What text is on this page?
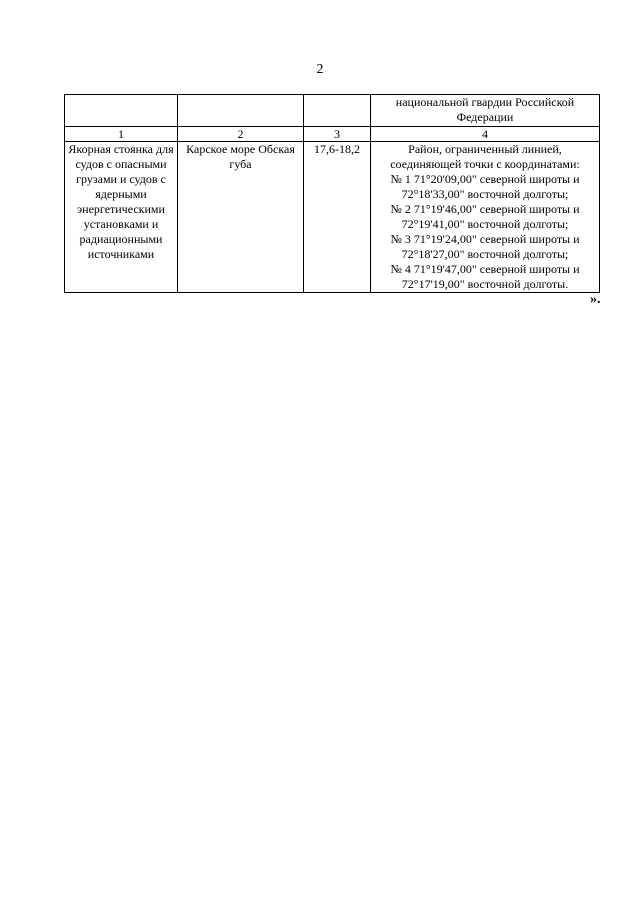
2
			национальной гвардии Российской Федерации
1	2	3	4
Якорная стоянка для судов с опасными грузами и судов с ядерными энергетическими установками и радиационными источниками	Карское море Обская губа	17,6-18,2	Район, ограниченный линией, соединяющей точки с координатами:
№ 1 71°20'09,00" северной широты и 72°18'33,00" восточной долготы;
№ 2 71°19'46,00" северной широты и 72°19'41,00" восточной долготы;
№ 3 71°19'24,00" северной широты и 72°18'27,00" восточной долготы;
№ 4 71°19'47,00" северной широты и 72°17'19,00" восточной долготы.
».
